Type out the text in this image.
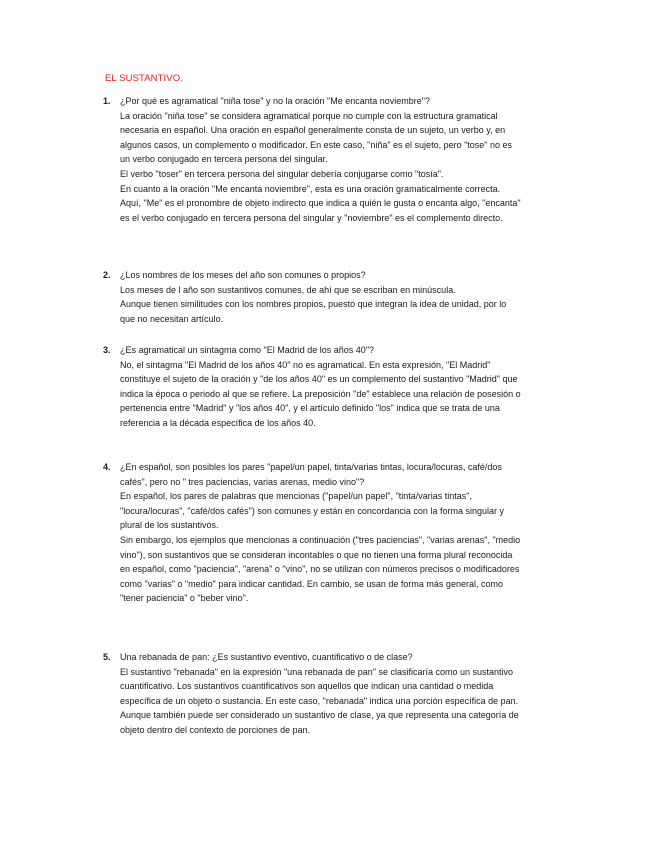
EL SUSTANTIVO.
1. ¿Por qué es agramatical "niña tose" y no la oración "Me encanta noviembre"?

La oración "niña tose" se considera agramatical porque no cumple con la estructura gramatical necesaria en español. Una oración en español generalmente consta de un sujeto, un verbo y, en algunos casos, un complemento o modificador. En este caso, "niña" es el sujeto, pero "tose" no es un verbo conjugado en tercera persona del singular.

El verbo "toser" en tercera persona del singular debería conjugarse como "tosía".

En cuanto a la oración "Me encanta noviembre", esta es una oración gramaticalmente correcta. Aquí, "Me" es el pronombre de objeto indirecto que indica a quién le gusta o encanta algo, "encanta" es el verbo conjugado en tercera persona del singular y "noviembre" es el complemento directo.

2. ¿Los nombres de los meses del año son comunes o propios?

Los meses de l año son sustantivos comunes, de ahí que se escriban en minúscula.

Aunque tienen similitudes con los nombres propios, puesto que integran la idea de unidad, por lo que no necesitan artículo.

3. ¿Es agramatical un sintagma como "El Madrid de los años 40"?

No, el sintagma "El Madrid de los años 40" no es agramatical. En esta expresión, "El Madrid" constituye el sujeto de la oración y "de los años 40" es un complemento del sustantivo "Madrid" que indica la época o periodo al que se refiere. La preposición "de" establece una relación de posesión o pertenencia entre "Madrid" y "los años 40", y el artículo definido "los" indica que se trata de una referencia a la década específica de los años 40.

4. ¿En español, son posibles los pares "papel/un papel, tinta/varias tintas, locura/locuras, café/dos cafés", pero no " tres paciencias, varias arenas, medio vino"?

En español, los pares de palabras que mencionas ("papel/un papel", "tinta/varias tintas", "locura/locuras", "café/dos cafés") son comunes y están en concordancia con la forma singular y plural de los sustantivos.

Sin embargo, los ejemplos que mencionas a continuación ("tres paciencias", "varias arenas", "medio vino"), son sustantivos que se consideran incontables o que no tienen una forma plural reconocida en español, como "paciencia", "arena" o "vino", no se utilizan con números precisos o modificadores como "varias" o "medio" para indicar cantidad. En cambio, se usan de forma más general, como "tener paciencia" o "beber vino".

5. Una rebanada de pan: ¿Es sustantivo eventivo, cuantificativo o de clase?

El sustantivo "rebanada" en la expresión "una rebanada de pan" se clasificaría como un sustantivo cuantificativo. Los sustantivos cuantificativos son aquellos que indican una cantidad o medida específica de un objeto o sustancia. En este caso, "rebanada" indica una porción específica de pan.

Aunque también puede ser considerado un sustantivo de clase, ya que representa una categoría de objeto dentro del contexto de porciones de pan.
